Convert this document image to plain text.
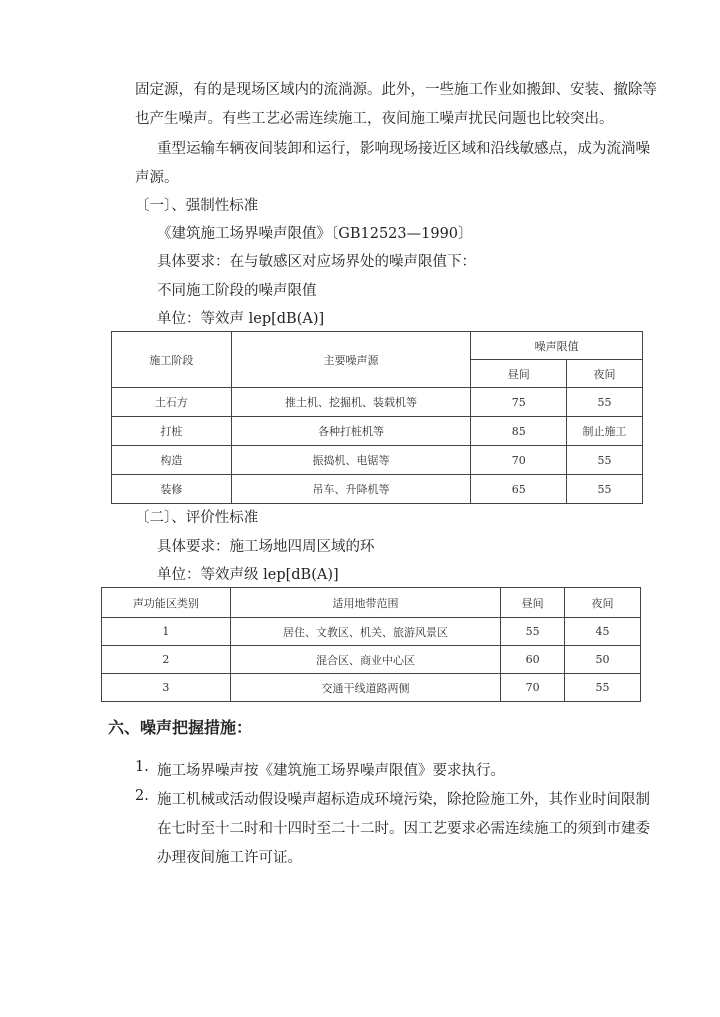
固定源，有的是现场区域内的流淌源。此外，一些施工作业如搬卸、安装、撤除等
也产生噪声。有些工艺必需连续施工，夜间施工噪声扰民问题也比较突出。
重型运输车辆夜间装卸和运行，影响现场接近区域和沿线敏感点，成为流淌噪
声源。
〔一〕、强制性标准
《建筑施工场界噪声限值》〔GB12523—1990〕
具体要求：在与敏感区对应场界处的噪声限值下：
不同施工阶段的噪声限值
单位：等效声 lep[dB(A)]
施工阶段	主要噪声源	噪声限值	
		昼间	夜间
土石方	推土机、挖掘机、装载机等	75	55
打桩	各种打桩机等	85	制止施工
构造	振捣机、电锯等	70	55
装修	吊车、升降机等	65	55
〔二〕、评价性标准
具体要求：施工场地四周区域的环
单位：等效声级 lep[dB(A)]
声功能区类别	适用地带范围	昼间	夜间
1	居住、文教区、机关、旅游风景区	55	45
2	混合区、商业中心区	60	50
3	交通干线道路两侧	70	55
六、噪声把握措施：
1. 施工场界噪声按《建筑施工场界噪声限值》要求执行。
2. 施工机械或活动假设噪声超标造成环境污染，除抢险施工外，其作业时间限制
在七时至十二时和十四时至二十二时。因工艺要求必需连续施工的须到市建委
办理夜间施工许可证。
